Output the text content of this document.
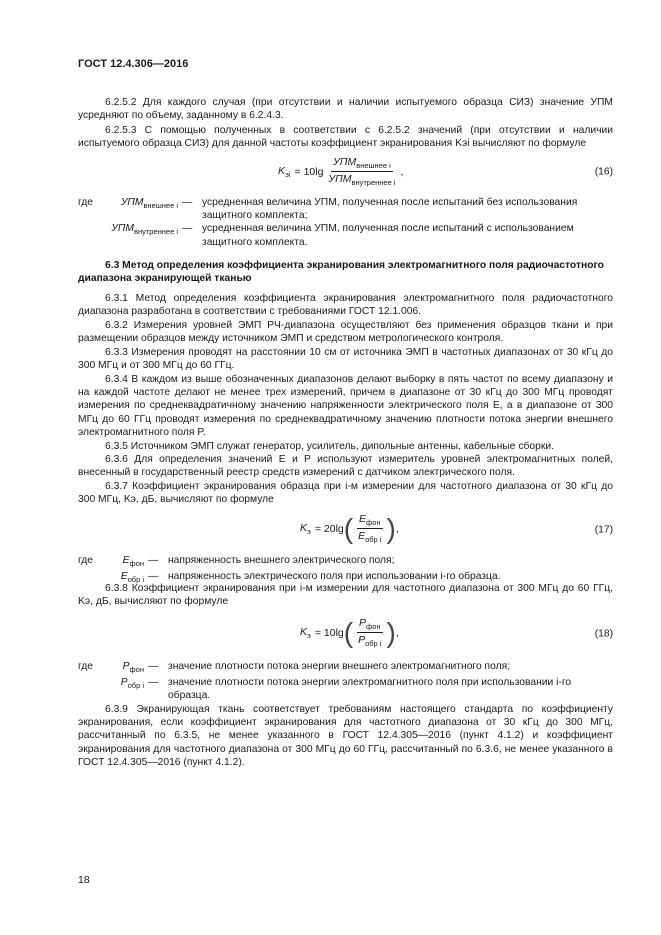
ГОСТ 12.4.306—2016

6.2.5.2 Для каждого случая (при отсутствии и наличии испытуемого образца СИЗ) значение УПМ усредняют по объему, заданному в 6.2.4.3.

6.2.5.3 С помощью полученных в соответствии с 6.2.5.2 значений (при отсутствии и наличии испытуемого образца СИЗ) для данной частоты коэффициент экранирования Kэi вычисляют по формуле

$K_{эi} = 10\lg \frac{УПМ_{внешнее i}}{УПМ_{внутреннее i}}$ ,	(16)
где	$УПМ_{внешнее i}$ — усредненная величина УПМ, полученная после испытаний без использования защитного комплекта;
$УПМ_{внутреннее i}$ — усредненная величина УПМ, полученная после испытаний с использованием защитного комплекта.

6.3 Метод определения коэффициента экранирования электромагнитного поля радиочастотного диапазона экранирующей тканью

6.3.1 Метод определения коэффициента экранирования электромагнитного поля радиочастотного диапазона разработана в соответствии с требованиями ГОСТ 12.1.006.

6.3.2 Измерения уровней ЭМП РЧ-диапазона осуществляют без применения образцов ткани и при размещении образцов между источником ЭМП и средством метрологического контроля.

6.3.3 Измерения проводят на расстоянии 10 см от источника ЭМП в частотных диапазонах от 30 кГц до 300 МГц и от 300 МГц до 60 ГГц.

6.3.4 В каждом из выше обозначенных диапазонов делают выборку в пять частот по всему диапазону и на каждой частоте делают не менее трех измерений, причем в диапазоне от 30 кГц до 300 МГц проводят измерения по среднеквадратичному значению напряженности электрического поля E, а в диапазоне от 300 МГц до 60 ГГц проводят измерения по среднеквадратичному значению плотности потока энергии внешнего электромагнитного поля P.

6.3.5 Источником ЭМП служат генератор, усилитель, дипольные антенны, кабельные сборки.

6.3.6 Для определения значений E и P используют измеритель уровней электромагнитных полей, внесенный в государственный реестр средств измерений с датчиком электрического поля.

6.3.7 Коэффициент экранирования образца при i-м измерении для частотного диапазона от 30 кГц до 300 МГц, Kэ, дБ, вычисляют по формуле

$K_э = 20\lg$ ( $\frac{E_{фон}}{E_{обр i}}$ ) ,	(17)
где	$E_{фон}$ — напряженность внешнего электрического поля;
$E_{обр i}$ — напряженность электрического поля при использовании i-го образца.

6.3.8 Коэффициент экранирования при i-м измерении для частотного диапазона от 300 МГц до 60 ГГц, Kэ, дБ, вычисляют по формуле

$K_э = 10\lg$ ( $\frac{P_{фон}}{P_{обр i}}$ ) ,	(18)
где	$P_{фон}$ — значение плотности потока энергии внешнего электромагнитного поля;
$P_{обр i}$ — значение плотности потока энергии электромагнитного поля при использовании i-го образца.

6.3.9 Экранирующая ткань соответствует требованиям настоящего стандарта по коэффициенту экранирования, если коэффициент экранирования для частотного диапазона от 30 кГц до 300 МГц, рассчитанный по 6.3.5, не менее указанного в ГОСТ 12.4.305—2016 (пункт 4.1.2) и коэффициент экранирования для частотного диапазона от 300 МГц до 60 ГГц, рассчитанный по 6.3.6, не менее указанного в ГОСТ 12.4.305—2016 (пункт 4.1.2).

18
